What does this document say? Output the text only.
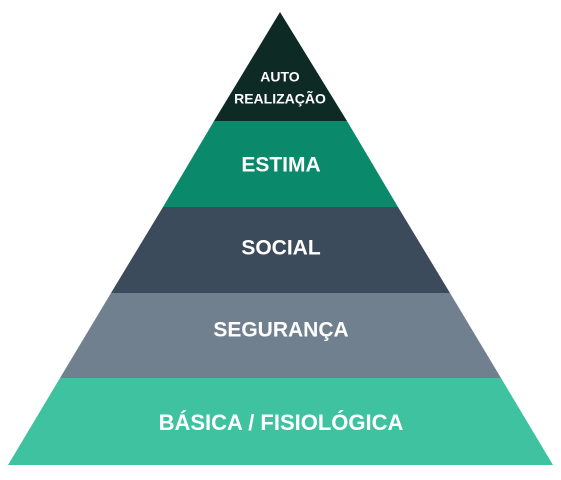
AUTO
REALIZAÇÃO
ESTIMA
SOCIAL
SEGURANÇA
BÁSICA / FISIOLÓGICA
